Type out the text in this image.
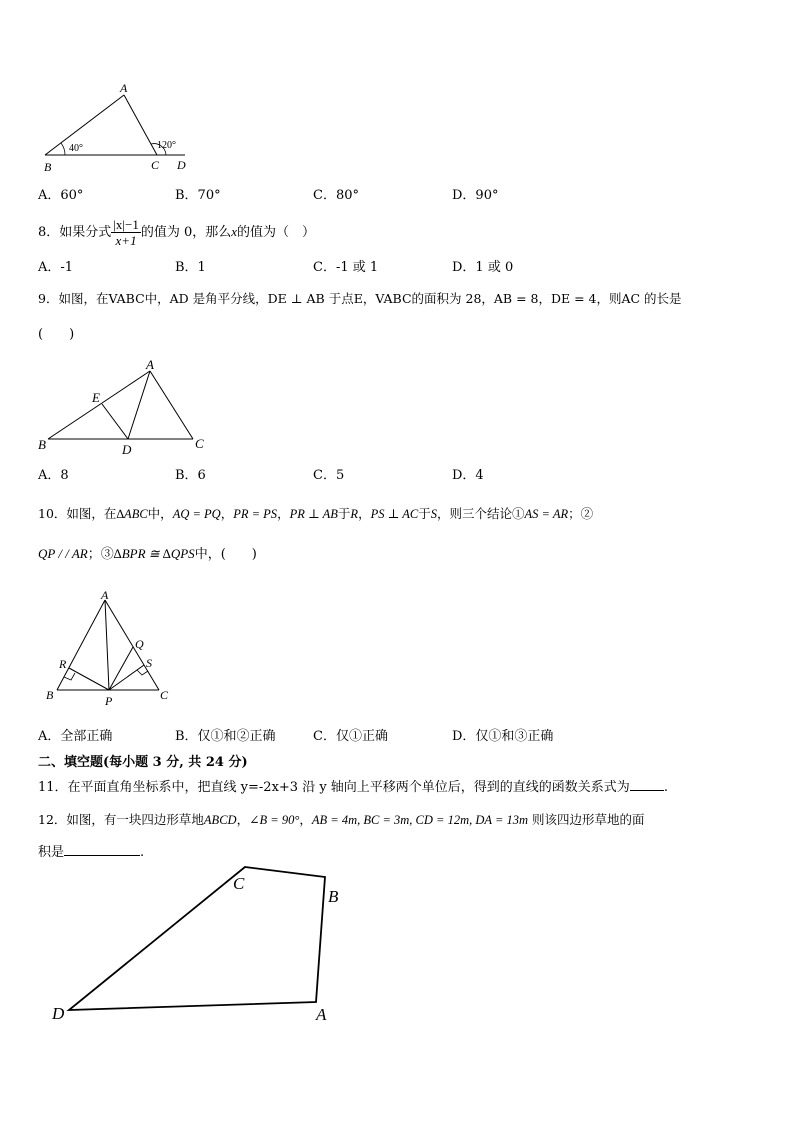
A
B	C D
40°	120°
A．60°	B．70°	C．80°	D．90°
8．如果分式 $\frac{|x|-1}{x+1}$ 的值为 0，那么x的值为（　）
A．-1	B．1	C．-1 或 1	D．1 或 0
9．如图，在VABC中，AD 是角平分线，DE ⊥ AB 于点E，VABC的面积为 28，AB = 8，DE = 4，则AC 的长是
(　　)
A
B	C
D
E
A．8	B．6	C．5	D．4
10．如图，在∆ABC中，AQ = PQ，PR = PS，PR ⊥ AB于R，PS ⊥ AC于S，则三个结论①AS = AR；②
QP / / AR；③∆BPR ≅ ∆QPS中，(　　)
A
B	C
P
Q
R	S
A．全部正确	B．仅①和②正确	C．仅①正确	D．仅①和③正确
二、填空题(每小题 3 分, 共 24 分)
11．在平面直角坐标系中，把直线 y=-2x+3 沿 y 轴向上平移两个单位后，得到的直线的函数关系式为	.
12．如图，有一块四边形草地ABCD，∠B = 90°，AB = 4m, BC = 3m, CD = 12m, DA = 13m 则该四边形草地的面
积是	.
C
B
A
D
